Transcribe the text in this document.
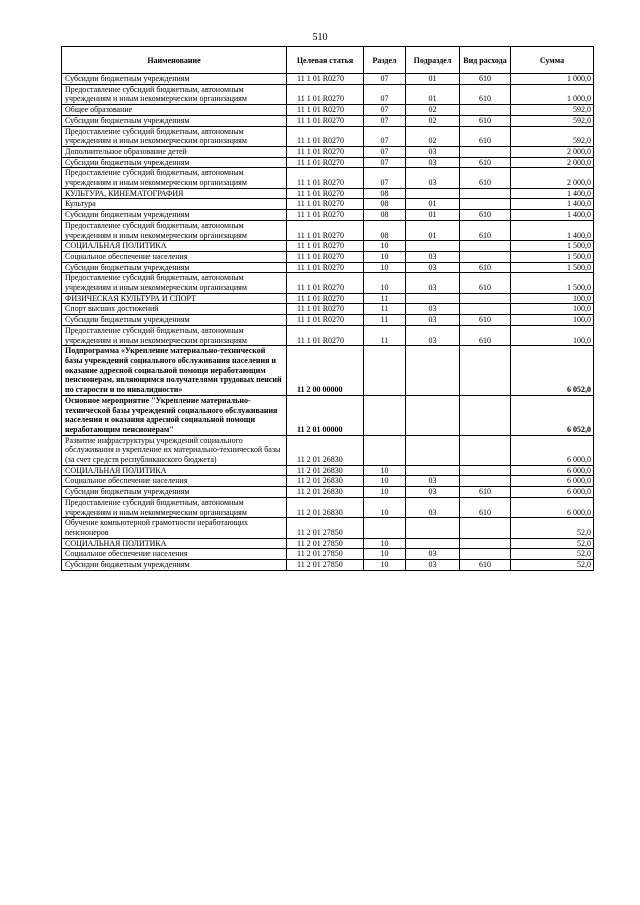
510
Наименование	Целевая статья	Раздел	Подраздел	Вид расхода	Сумма
Субсидии бюджетным учреждениям	11 1 01 R0270	07	01	610	1 000,0
Предоставление субсидий бюджетным, автономным учреждениям и иным некоммерческим организациям	11 1 01 R0270	07	01	610	1 000,0
Общее образование	11 1 01 R0270	07	02		592,0
Субсидии бюджетным учреждениям	11 1 01 R0270	07	02	610	592,0
Предоставление субсидий бюджетным, автономным учреждениям и иным некоммерческим организациям	11 1 01 R0270	07	02	610	592,0
Дополнительное образование детей	11 1 01 R0270	07	03		2 000,0
Субсидии бюджетным учреждениям	11 1 01 R0270	07	03	610	2 000,0
Предоставление субсидий бюджетным, автономным учреждениям и иным некоммерческим организациям	11 1 01 R0270	07	03	610	2 000,0
КУЛЬТУРА, КИНЕМАТОГРАФИЯ	11 1 01 R0270	08			1 400,0
Культура	11 1 01 R0270	08	01		1 400,0
Субсидии бюджетным учреждениям	11 1 01 R0270	08	01	610	1 400,0
Предоставление субсидий бюджетным, автономным учреждениям и иным некоммерческим организациям	11 1 01 R0270	08	01	610	1 400,0
СОЦИАЛЬНАЯ ПОЛИТИКА	11 1 01 R0270	10			1 500,0
Социальное обеспечение населения	11 1 01 R0270	10	03		1 500,0
Субсидии бюджетным учреждениям	11 1 01 R0270	10	03	610	1 500,0
Предоставление субсидий бюджетным, автономным учреждениям и иным некоммерческим организациям	11 1 01 R0270	10	03	610	1 500,0
ФИЗИЧЕСКАЯ КУЛЬТУРА И СПОРТ	11 1 01 R0270	11			100,0
Спорт высших достижений	11 1 01 R0270	11	03		100,0
Субсидии бюджетным учреждениям	11 1 01 R0270	11	03	610	100,0
Предоставление субсидий бюджетным, автономным учреждениям и иным некоммерческим организациям	11 1 01 R0270	11	03	610	100,0
Подпрограмма «Укрепление материально-технической базы учреждений социального обслуживания населения и оказание адресной социальной помощи неработающим пенсионерам, являющимся получателями трудовых пенсий по старости и по инвалидности»	11 2 00 00000				6 052,0
Основное мероприятие "Укрепление материально-технической базы учреждений социального обслуживания населения и оказания адресной социальной помощи неработающим пенсионерам"	11 2 01 00000				6 052,0
Развитие инфраструктуры учреждений социального обслуживания и укрепление их материально-технической базы (за счет средств республиканского бюджета)	11 2 01 26830				6 000,0
СОЦИАЛЬНАЯ ПОЛИТИКА	11 2 01 26830	10			6 000,0
Социальное обеспечение населения	11 2 01 26830	10	03		6 000,0
Субсидии бюджетным учреждениям	11 2 01 26830	10	03	610	6 000,0
Предоставление субсидий бюджетным, автономным учреждениям и иным некоммерческим организациям	11 2 01 26830	10	03	610	6 000,0
Обучение компьютерной грамотности неработающих пенсионеров	11 2 01 27850				52,0
СОЦИАЛЬНАЯ ПОЛИТИКА	11 2 01 27850	10			52,0
Социальное обеспечение населения	11 2 01 27850	10	03		52,0
Субсидии бюджетным учреждениям	11 2 01 27850	10	03	610	52,0
